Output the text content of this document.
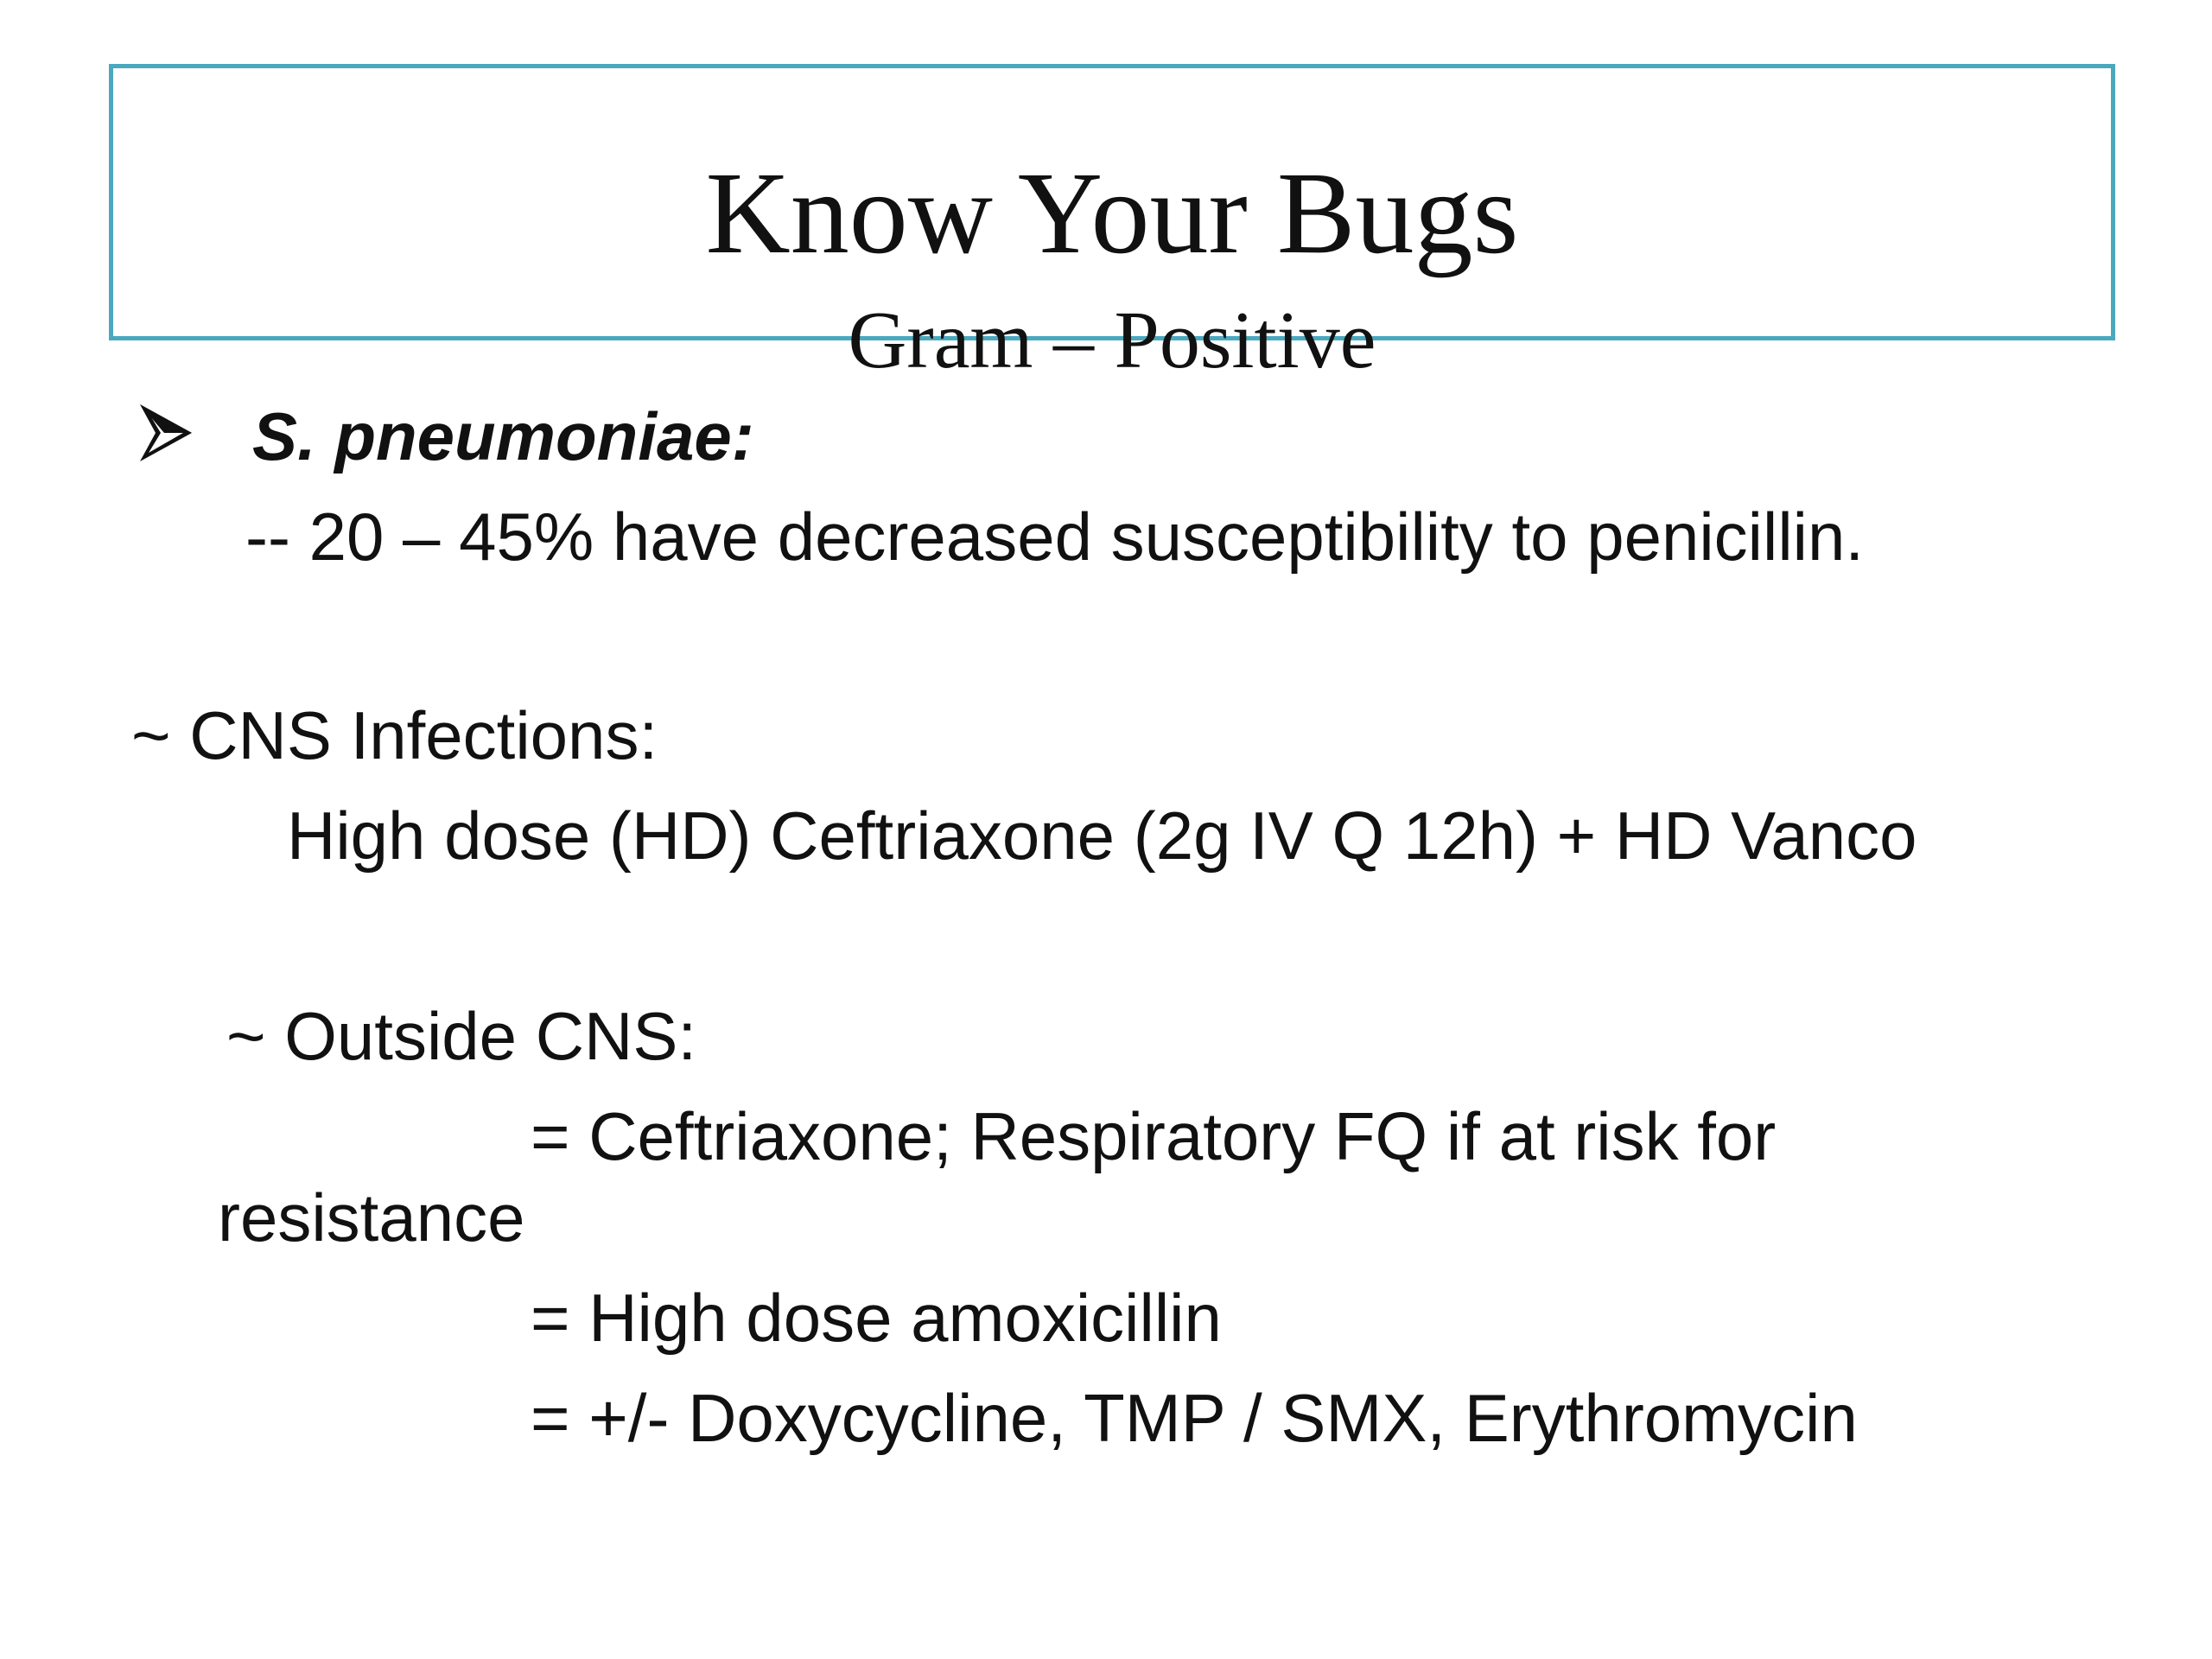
Know Your Bugs
Gram – Positive
S. pneumoniae:
-- 20 – 45% have decreased susceptibility to penicillin.
~ CNS Infections:
High dose (HD) Ceftriaxone (2g IV Q 12h) + HD Vanco
~ Outside CNS:
= Ceftriaxone; Respiratory FQ if at risk for
resistance
= High dose amoxicillin
= +/- Doxycycline, TMP / SMX, Erythromycin
